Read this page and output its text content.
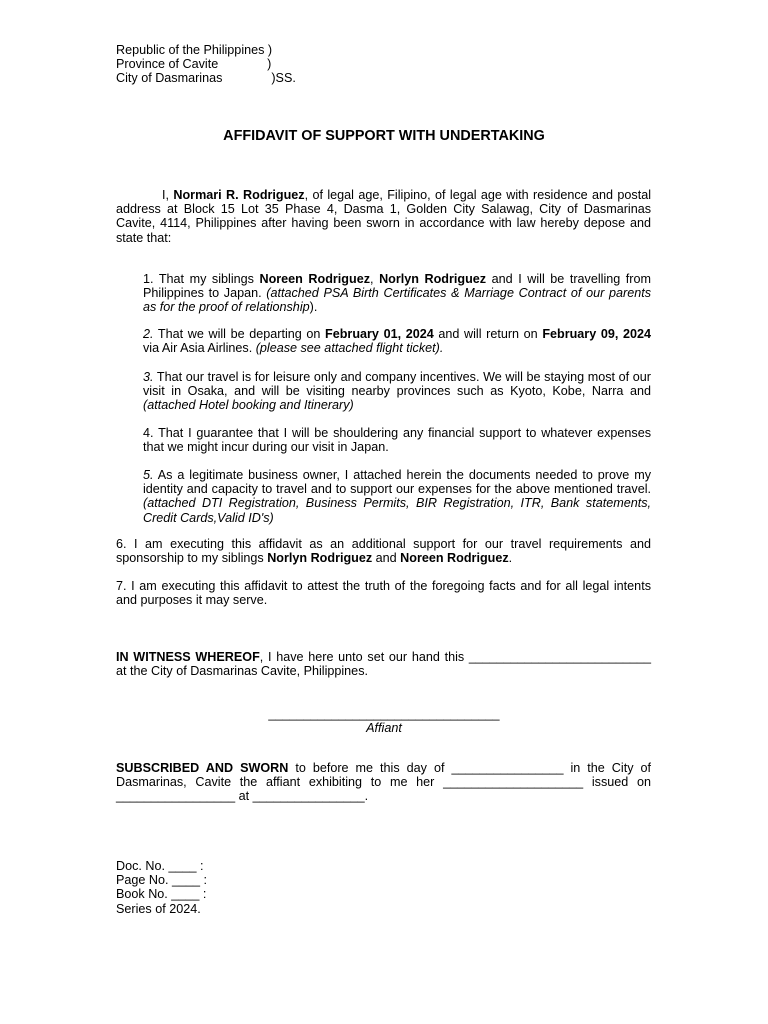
Republic of the Philippines )
Province of Cavite              )
City of Dasmarinas              )SS.
AFFIDAVIT OF SUPPORT WITH UNDERTAKING
I, Normari R. Rodriguez, of legal age, Filipino, of legal age with residence and postal address at Block 15 Lot 35 Phase 4, Dasma 1, Golden City Salawag, City of Dasmarinas Cavite, 4114, Philippines after having been sworn in accordance with law hereby depose and state that:
1. That my siblings Noreen Rodriguez, Norlyn Rodriguez and I will be travelling from Philippines to Japan. (attached PSA Birth Certificates & Marriage Contract of our parents as for the proof of relationship).
2. That we will be departing on February 01, 2024 and will return on February 09, 2024 via Air Asia Airlines. (please see attached flight ticket).
3. That our travel is for leisure only and company incentives. We will be staying most of our visit in Osaka, and will be visiting nearby provinces such as Kyoto, Kobe, Narra and (attached Hotel booking and Itinerary)
4. That I guarantee that I will be shouldering any financial support to whatever expenses that we might incur during our visit in Japan.
5. As a legitimate business owner, I attached herein the documents needed to prove my identity and capacity to travel and to support our expenses for the above mentioned travel. (attached DTI Registration, Business Permits, BIR Registration, ITR, Bank statements, Credit Cards,Valid ID's)
6. I am executing this affidavit as an additional support for our travel requirements and sponsorship to my siblings Norlyn Rodriguez and Noreen Rodriguez.
7. I am executing this affidavit to attest the truth of the foregoing facts and for all legal intents and purposes it may serve.
IN WITNESS WHEREOF, I have here unto set our hand this __________________________ at the City of Dasmarinas Cavite, Philippines.
_________________________________
Affiant
SUBSCRIBED AND SWORN to before me this day of ________________ in the City of Dasmarinas, Cavite the affiant exhibiting to me her ____________________ issued on _________________ at ________________.
Doc. No. ____ :
Page No. ____ :
Book No. ____ :
Series of 2024.
